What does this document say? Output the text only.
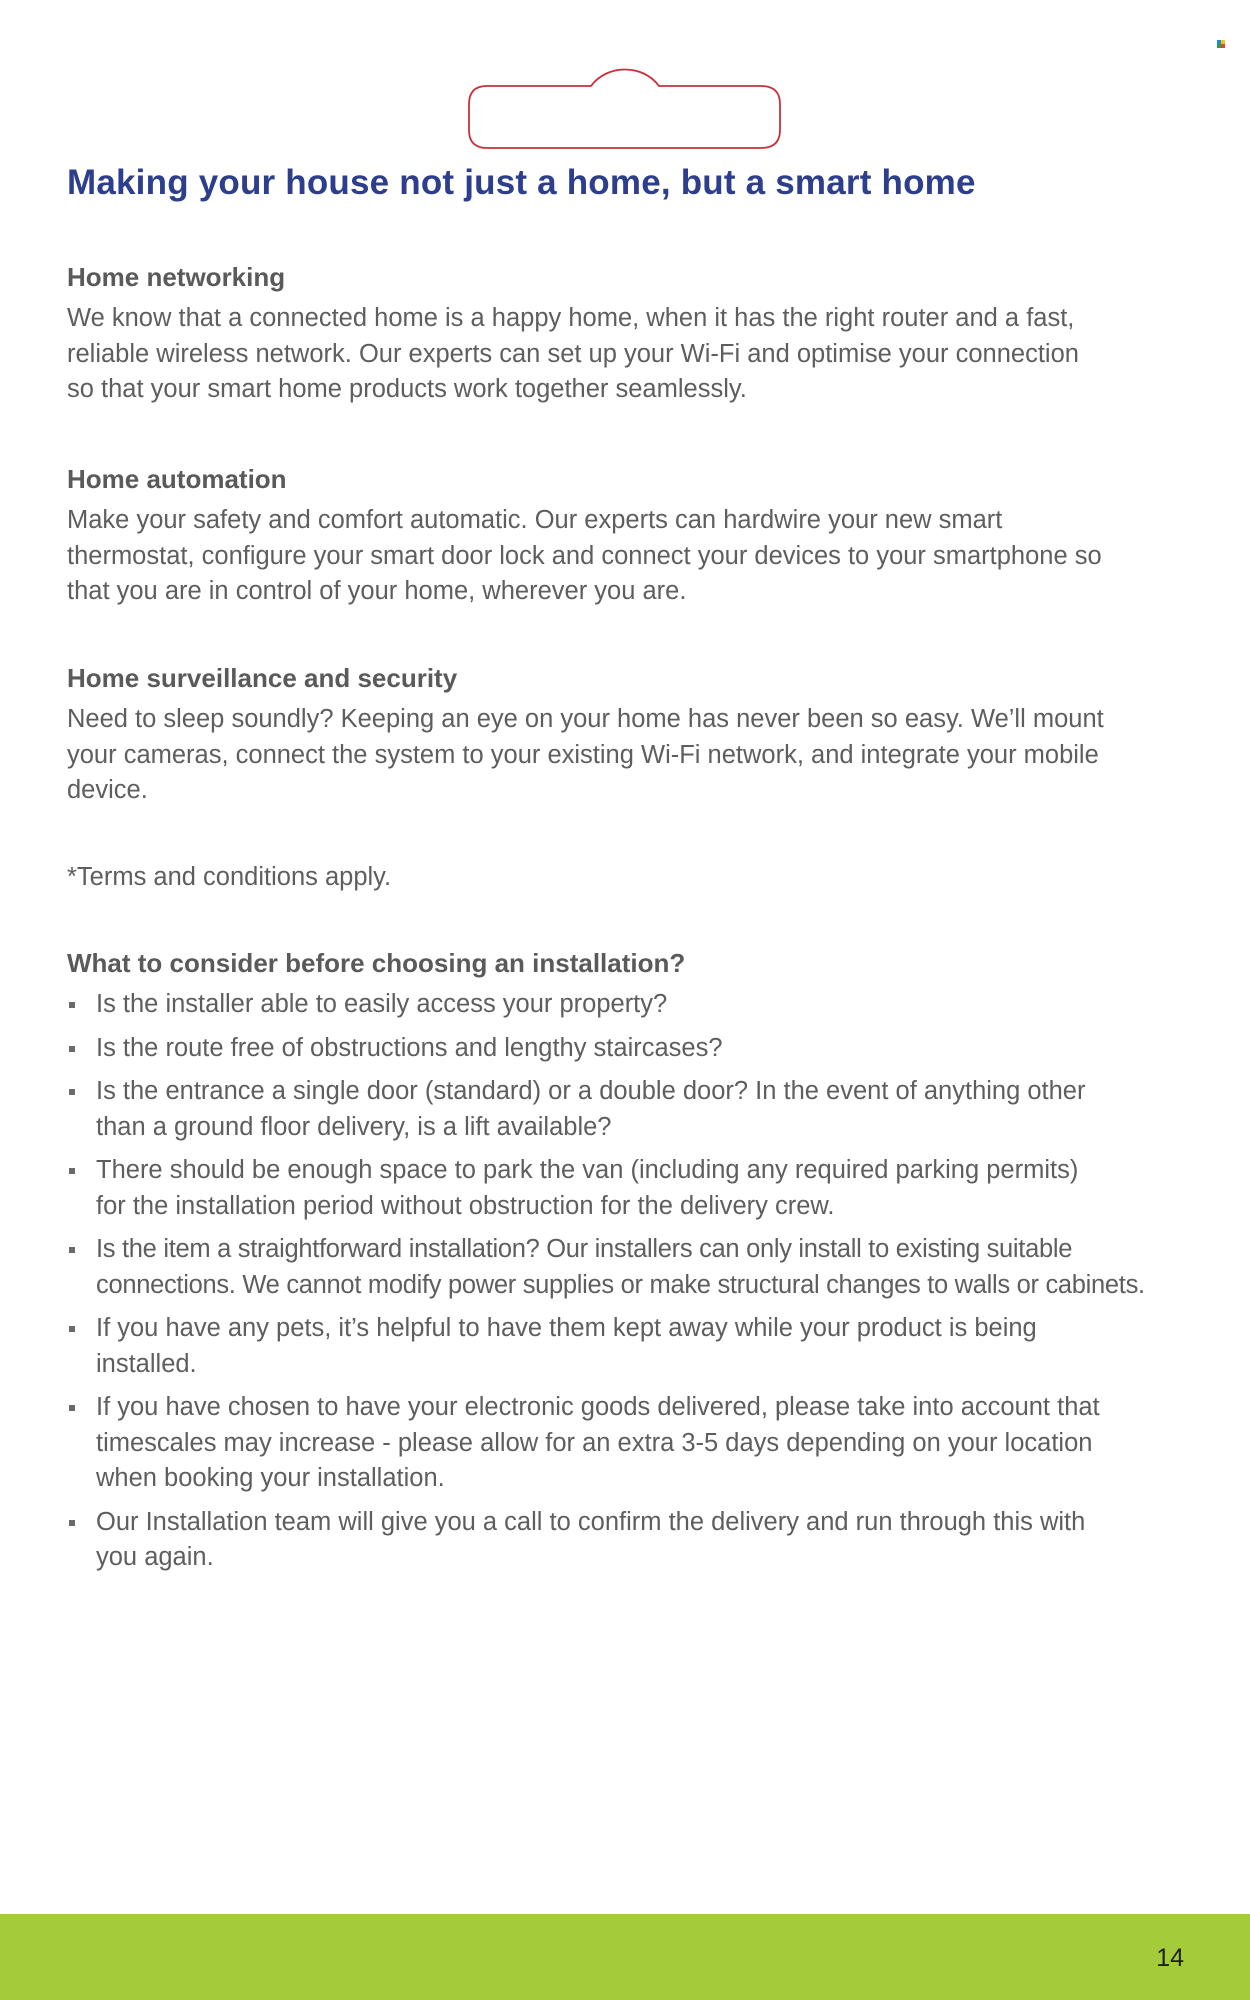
Making your house not just a home, but a smart home
Home networking

We know that a connected home is a happy home, when it has the right router and a fast,
reliable wireless network. Our experts can set up your Wi-Fi and optimise your connection
so that your smart home products work together seamlessly.

Home automation

Make your safety and comfort automatic. Our experts can hardwire your new smart
thermostat, configure your smart door lock and connect your devices to your smartphone so
that you are in control of your home, wherever you are.

Home surveillance and security

Need to sleep soundly? Keeping an eye on your home has never been so easy. We’ll mount
your cameras, connect the system to your existing Wi-Fi network, and integrate your mobile
device.

*Terms and conditions apply.

What to consider before choosing an installation?
Is the installer able to easily access your property?
Is the route free of obstructions and lengthy staircases?
Is the entrance a single door (standard) or a double door? In the event of anything other
than a ground floor delivery, is a lift available?
There should be enough space to park the van (including any required parking permits)
for the installation period without obstruction for the delivery crew.
Is the item a straightforward installation? Our installers can only install to existing suitable
connections. We cannot modify power supplies or make structural changes to walls or cabinets.
If you have any pets, it’s helpful to have them kept away while your product is being
installed.
If you have chosen to have your electronic goods delivered, please take into account that
timescales may increase - please allow for an extra 3-5 days depending on your location
when booking your installation.
Our Installation team will give you a call to confirm the delivery and run through this with
you again.
14
